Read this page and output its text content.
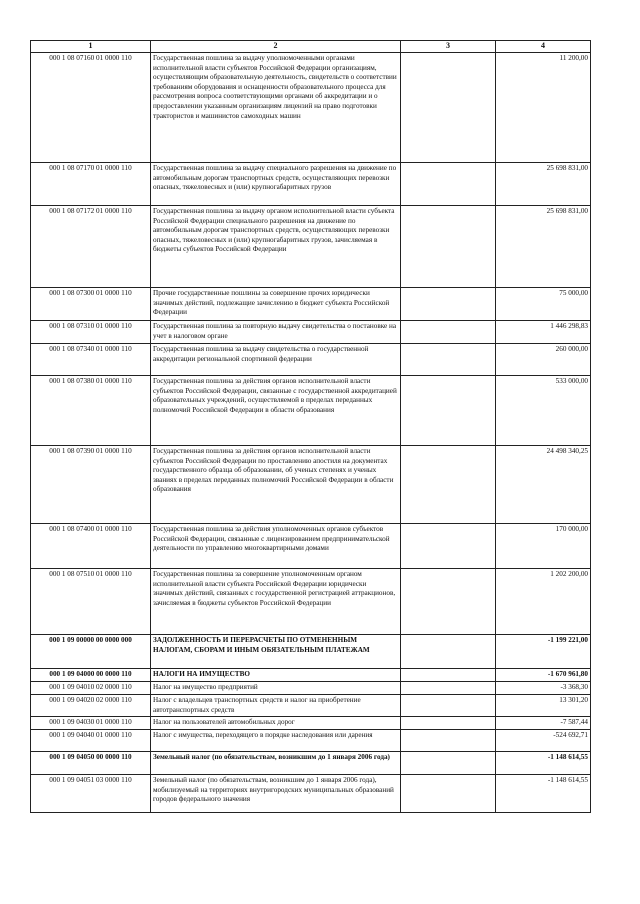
1	2	3	4
000 1 08 07160 01 0000 110	Государственная пошлина за выдачу уполномоченными органами исполнительной власти субъектов Российской Федерации организациям, осуществляющим образовательную деятельность, свидетельств о соответствии требованиям оборудования и оснащенности образовательного процесса для рассмотрения вопроса соответствующими органами об аккредитации и о предоставлении указанным организациям лицензий на право подготовки трактористов и машинистов самоходных машин		11 200,00
000 1 08 07170 01 0000 110	Государственная пошлина за выдачу специального разрешения на движение по автомобильным дорогам транспортных средств, осуществляющих перевозки опасных, тяжеловесных и (или) крупногабаритных грузов		25 698 831,00
000 1 08 07172 01 0000 110	Государственная пошлина за выдачу органом исполнительной власти субъекта Российской Федерации специального разрешения на движение по автомобильным дорогам транспортных средств, осуществляющих перевозки опасных, тяжеловесных и (или) крупногабаритных грузов, зачисляемая в бюджеты субъектов Российской Федерации		25 698 831,00
000 1 08 07300 01 0000 110	Прочие государственные пошлины за совершение прочих юридически значимых действий, подлежащие зачислению в бюджет субъекта Российской Федерации		75 000,00
000 1 08 07310 01 0000 110	Государственная пошлина за повторную выдачу свидетельства о постановке на учет в налоговом органе		1 446 298,83
000 1 08 07340 01 0000 110	Государственная пошлина за выдачу свидетельства о государственной аккредитации региональной спортивной федерации		260 000,00
000 1 08 07380 01 0000 110	Государственная пошлина за действия органов исполнительной власти субъектов Российской Федерации, связанные с государственной аккредитацией образовательных учреждений, осуществляемой в пределах переданных полномочий Российской Федерации в области образования		533 000,00
000 1 08 07390 01 0000 110	Государственная пошлина за действия органов исполнительной власти субъектов Российской Федерации по проставлению апостиля на документах государственного образца об образовании, об ученых степенях и ученых званиях в пределах переданных полномочий Российской Федерации в области образования		24 498 340,25
000 1 08 07400 01 0000 110	Государственная пошлина за действия уполномоченных органов субъектов Российской Федерации, связанные с лицензированием предпринимательской деятельности по управлению многоквартирными домами		170 000,00
000 1 08 07510 01 0000 110	Государственная пошлина за совершение уполномоченным органом исполнительной власти субъекта Российской Федерации юридически значимых действий, связанных с государственной регистрацией аттракционов, зачисляемая в бюджеты субъектов Российской Федерации		1 202 200,00
000 1 09 00000 00 0000 000	ЗАДОЛЖЕННОСТЬ И ПЕРЕРАСЧЕТЫ ПО ОТМЕНЕННЫМ НАЛОГАМ, СБОРАМ И ИНЫМ ОБЯЗАТЕЛЬНЫМ ПЛАТЕЖАМ		-1 199 221,00
000 1 09 04000 00 0000 110	НАЛОГИ НА ИМУЩЕСТВО		-1 670 961,80
000 1 09 04010 02 0000 110	Налог на имущество предприятий		-3 368,30
000 1 09 04020 02 0000 110	Налог с владельцев транспортных средств и налог на приобретение автотранспортных средств		13 301,20
000 1 09 04030 01 0000 110	Налог на пользователей автомобильных дорог		-7 587,44
000 1 09 04040 01 0000 110	Налог с имущества, переходящего в порядке наследования или дарения		-524 692,71
000 1 09 04050 00 0000 110	Земельный налог (по обязательствам, возникшим до 1 января 2006 года)		-1 148 614,55
000 1 09 04051 03 0000 110	Земельный налог (по обязательствам, возникшим до 1 января 2006 года), мобилизуемый на территориях внутригородских муниципальных образований городов федерального значения		-1 148 614,55
